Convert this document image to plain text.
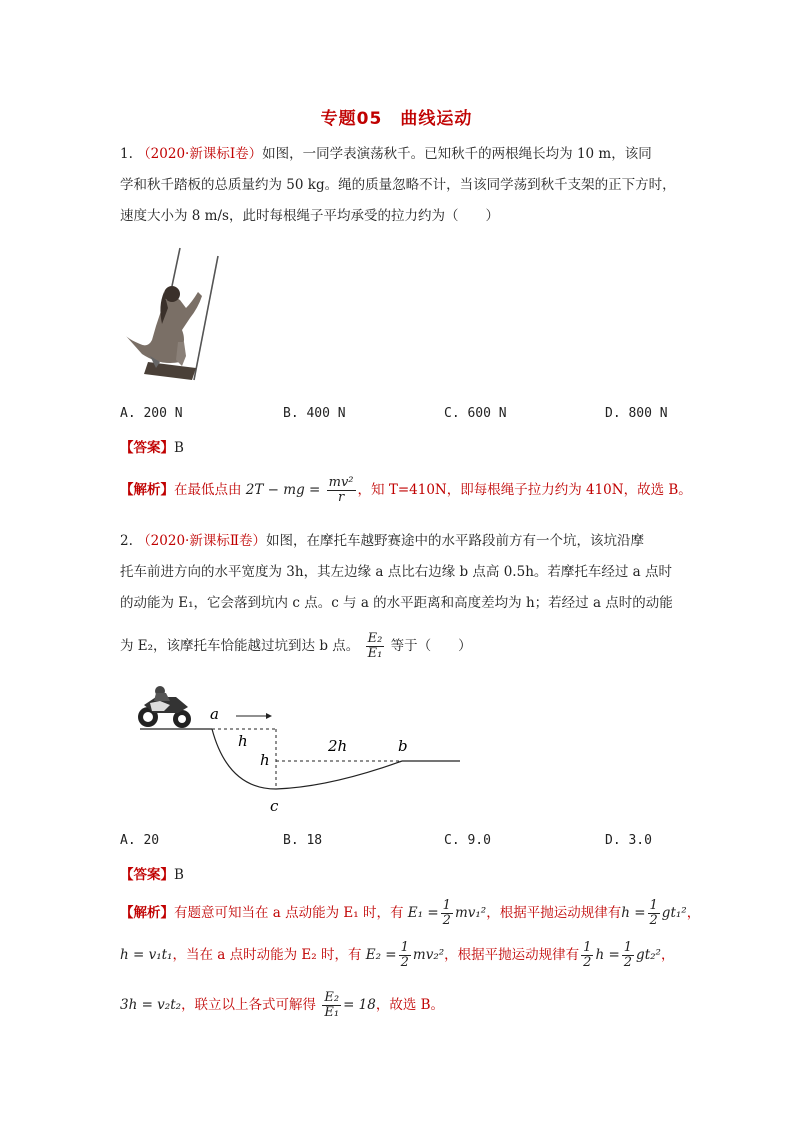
专题05　曲线运动
1. （2020·新课标Ⅰ卷）如图，一同学表演荡秋千。已知秋千的两根绳长均为 10 m，该同
学和秋千踏板的总质量约为 50 kg。绳的质量忽略不计，当该同学荡到秋千支架的正下方时，
速度大小为 8 m/s，此时每根绳子平均承受的拉力约为（　　）
A. 200 N	B. 400 N	C. 600 N	D. 800 N
【答案】B
【解析】在最低点由 2T − mg = $\frac{\text{mv²}}{r}$ ，知 T=410N，即每根绳子拉力约为 410N，故选 B。
2. （2020·新课标Ⅱ卷）如图，在摩托车越野赛途中的水平路段前方有一个坑，该坑沿摩
托车前进方向的水平宽度为 3h，其左边缘 a 点比右边缘 b 点高 0.5h。若摩托车经过 a 点时
的动能为 E₁，它会落到坑内 c 点。c 与 a 的水平距离和高度差均为 h；若经过 a 点时的动能
为 E₂，该摩托车恰能越过坑到达 b 点。 $\frac{\text{E₂}}{\text{E₁}}$ 等于（　　）
a
h
h
2h	b
c
A. 20	B. 18	C. 9.0	D. 3.0
【答案】B
【解析】有题意可知当在 a 点动能为 E₁ 时，有 $E_1 = \frac{1}{2} mv_1^2$，根据平抛运动规律有$h = \frac{1}{2} gt_1^2$，
h = v₁t₁，当在 a 点时动能为 E₂ 时，有 $E_2 = \frac{1}{2} mv_2^2$，根据平抛运动规律有 $\frac{1}{2}$ $h = \frac{1}{2} gt_2^2$，
3h = v₂t₂，联立以上各式可解得 $\frac{\text{E₂}}{\text{E₁}} = 18$，故选 B。
